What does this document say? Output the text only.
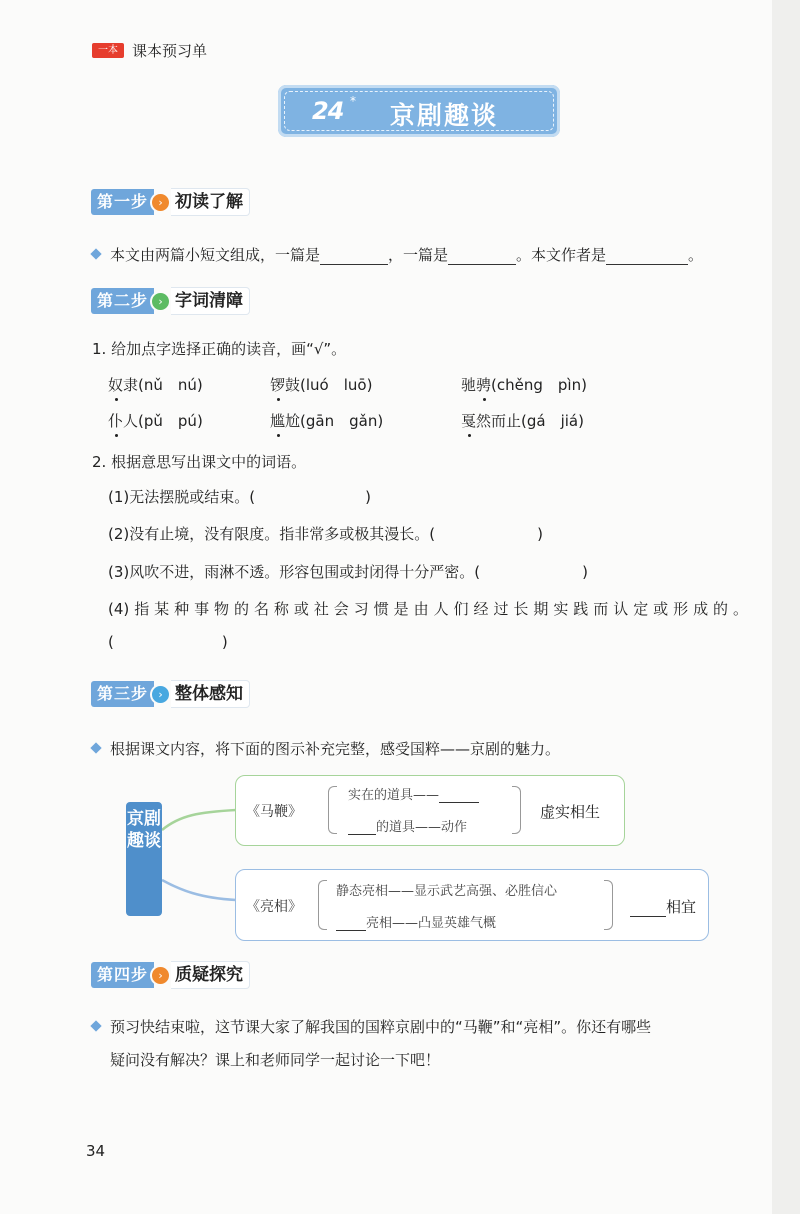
一本 课本预习单
24 * 京剧趣谈
第一步 › 初读了解
本文由两篇小短文组成，一篇是	，一篇是	。本文作者是	。
第二步 › 字词清障
1. 给加点字选择正确的读音，画“√”。
奴隶(nǔ　nú)	锣鼓(luó　luō)	驰骋(chěng　pìn)
仆人(pǔ　pú)	尴尬(gān　gǎn)	戛然而止(gá　jiá)
2. 根据意思写出课文中的词语。
(1)无法摆脱或结束。(	)
(2)没有止境，没有限度。指非常多或极其漫长。(	)
(3)风吹不进，雨淋不透。形容包围或封闭得十分严密。(	)
(4)指某种事物的名称或社会习惯是由人们经过长期实践而认定或形成的。
(	)
第三步 › 整体感知
根据课文内容，将下面的图示补充完整，感受国粹——京剧的魅力。
京剧趣谈
《马鞭》
实在的道具——
的道具——动作
虚实相生
《亮相》
静态亮相——显示武艺高强、必胜信心
亮相——凸显英雄气概
相宜
第四步 › 质疑探究
预习快结束啦，这节课大家了解我国的国粹京剧中的“马鞭”和“亮相”。你还有哪些
疑问没有解决？课上和老师同学一起讨论一下吧！
34
